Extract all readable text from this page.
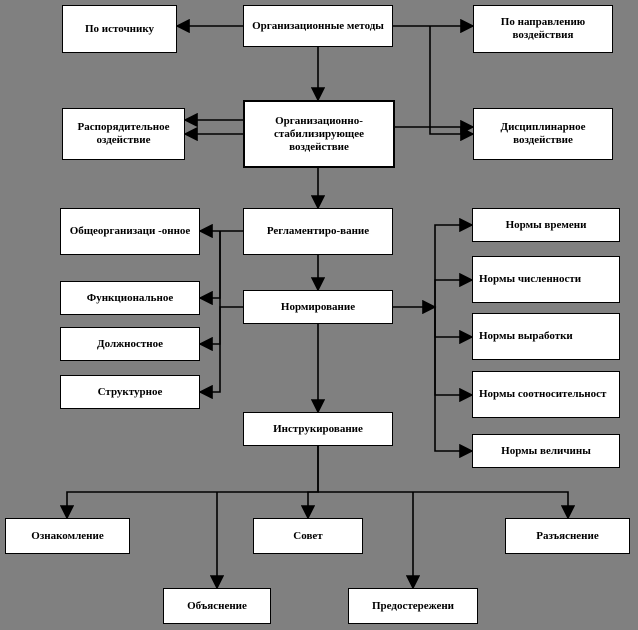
По источнику	Организационные методы	По направлению воздействия
Распорядительное оздействие
Организационно-стабилизирующее воздействие
Дисциплинарное воздействие
Общеорганизаци -онное	Регламентиро-вание
Нормы времени
Функциональное
Нормы численности
Нормирование
Должностное
Нормы выработки
Структурное	Нормы соотносительност
Инструкирование
Нормы величины
Ознакомление	Совет	Разъяснение
Объяснение	Предостережени
